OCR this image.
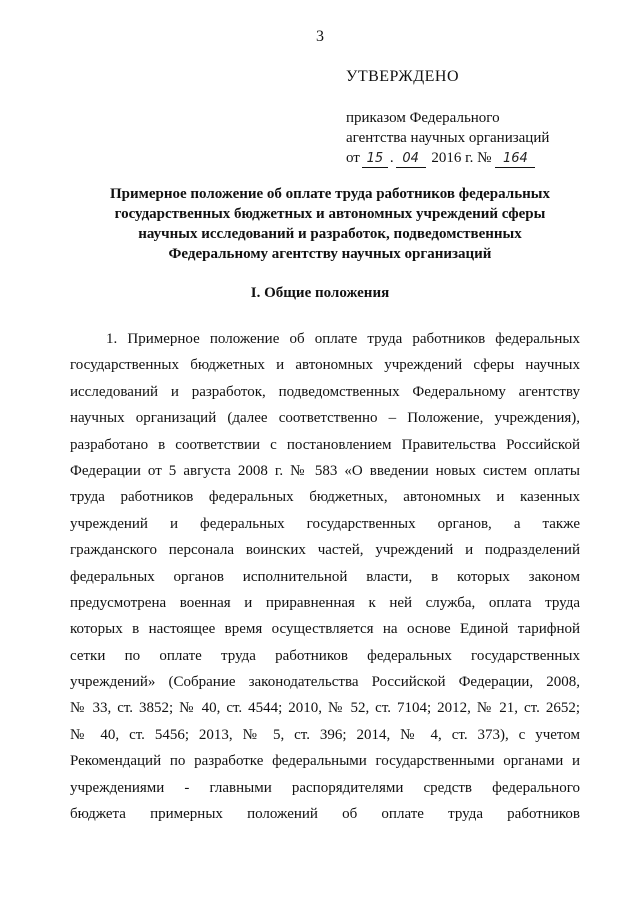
3
УТВЕРЖДЕНО
приказом Федерального
агентства научных организаций
от 15 . 04 2016 г. № 164
Примерное положение об оплате труда работников федеральных
государственных бюджетных и автономных учреждений сферы
научных исследований и разработок, подведомственных
Федеральному агентству научных организаций
I. Общие положения
1. Примерное положение об оплате труда работников федеральных
государственных бюджетных и автономных учреждений сферы научных
исследований и разработок, подведомственных Федеральному агентству
научных организаций (далее соответственно – Положение, учреждения),
разработано в соответствии с постановлением Правительства Российской
Федерации от 5 августа 2008 г. № 583 «О введении новых систем оплаты
труда работников федеральных бюджетных, автономных и казенных
учреждений и федеральных государственных органов, а также
гражданского персонала воинских частей, учреждений и подразделений
федеральных органов исполнительной власти, в которых законом
предусмотрена военная и приравненная к ней служба, оплата труда
которых в настоящее время осуществляется на основе Единой тарифной
сетки по оплате труда работников федеральных государственных
учреждений» (Собрание законодательства Российской Федерации, 2008,
№ 33, ст. 3852; № 40, ст. 4544; 2010, № 52, ст. 7104; 2012, № 21, ст. 2652;
№ 40, ст. 5456; 2013, № 5, ст. 396; 2014, № 4, ст. 373), с учетом
Рекомендаций по разработке федеральными государственными органами и
учреждениями - главными распорядителями средств федерального
бюджета примерных положений об оплате труда работников
